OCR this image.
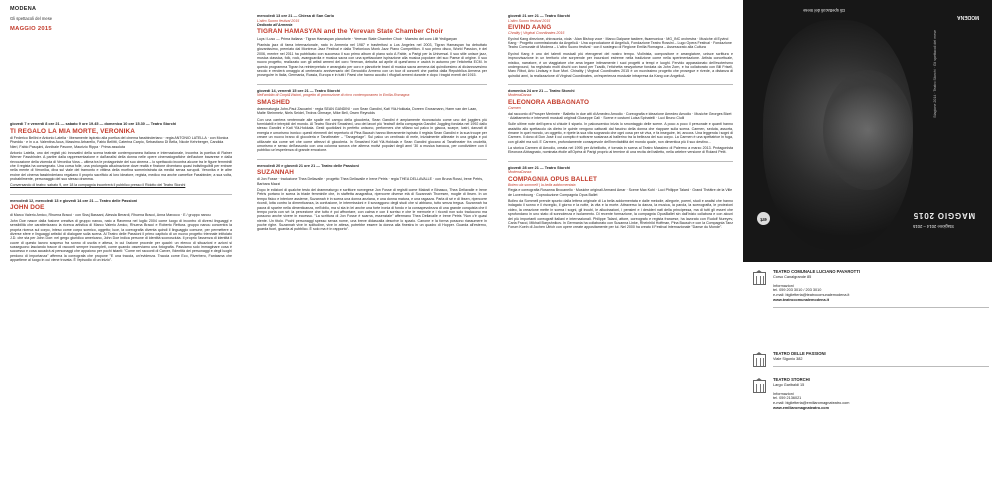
MODENA
Gli spettacoli del mese
MAGGIO 2015
giovedì 7 e venerdì 8 ore 21 — sabato 9 ore 19.45 — domenica 10 ore 15.30 — Teatro Storchi
TI REGALO LA MIA MORTE, VERONIKA
di Federico Bellini e Antonio Latella · liberamente ispirato alla poetica del cinema fassbinderiano · regia ANTONIO LATELLA · con Monica Piseddu · e in o.a. Valentina Acca, Massimo Arbarello, Fabio Bellitti, Caterina Carpio, Sebastiano Di Bella, Nicole Kehrberger, Candida Nieri, Fabio Pasquini, Annibale Pavone, Maurizio Rippa · Prima assoluta
Antonio Latella, uno dei registi più innovativi della scena teatrale contemporanea italiana e internazionale, incontra la poetica di Rainer Werner Fassbinder. A partire dalla rappresentazione e dall'analisi della donna nelle opere cinematografiche dell'autore bavarese e dalla rievocazione della vicenda di Veronika Voss – ultima tra le protagoniste del suo cinema – lo spettacolo incontra alcune tra le figure femminili che il regista ha consegnato. Una corsa folle, una prolungata allucinazione dove realtà e finzione diventano quasi indistinguibili per entrare nella mente di Veronika, diva sul viale del tramonto e vittima della morfina somministrata da medici senza scrupoli. Veronika e le altre eroine del cinema fassbinderiano regalano il proprio sacrificio al loro ideatore, regista, medico ma anche carnefice Fassbinder, a sua volta, probabilmente, personaggio del suo stesso dramma.
Conversando di teatro: sabato 9, ore 18 la compagnia incontrerà il pubblico presso il Ridotto del Teatro Storchi
mercoledì 12, mercoledì 13 e giovedì 14 ore 21 — Teatro delle Passioni
JOHN DOE
di Marco Valerio Amico, Rhuena Bracci · con Sissj Bassani, Alessia Berardi, Rhuena Bracci, Anna Marocco · E / gruppo nanou
John Doe nasce dalla fusione creativa di gruppo nanou, nato a Ravenna nel luglio 2004 come luogo di incontro di diversi linguaggi e sensibilità che caratterizzano la ricerca artistica di Marco Valerio Amico, Rhuena Bracci e Roberto Rettura. gruppo nanou concentra la propria ricerca sul corpo, inteso come corpo scenico, oggetto; luce, la coreografia diventa quindi il linguaggio comune, per permettere a diverse sfere e linguaggi artistici di dialogare sulla scena. Al Teatro delle Passioni il primo capitolo di un nuovo progetto triennale intitolato J.D. che sta per John Doe: nel gergo giuridico americano, John Doe indica persone di identità sconosciuta. Il proprio l'assenza di identità il cuore di questo lavoro sospeso fra sonno di uscita e attesa, in cui l'azione procede per quadri: un elenco di situazioni e azioni si susseguono lasciando tracce di racconti sempre incompleti, come quando osserviamo una fotografia. Passiamo solo immaginare cosa è successo e cosa accadrà ai personaggi che appaiono per pochi istanti: "Come nei racconti di Carver, l'identità dei personaggi e degli luoghi perdono di importanza" afferma la coreografa che propone "E una traccia, un'evidenza. Traccia come Eco, Riverbero, Fantasma che appartiene al luogo in cui viene trovata. È l'episodio di un inizio".
mercoledì 13 ore 21 — Chiesa di San Carlo
L'altro Suono festival 2015
Dedicato all'Armenia
TIGRAN HAMASYAN and the Yerevan State Chamber Choir
Luys i Luso — Prima italiana · Tigran Hamasyan pianoforte · Yerevan State Chamber Choir · Maestro del coro Lilit Yedigaryan
Pianista jazz di fama internazionale, nato in Armenia nel 1987 e trasferitosi a Los Angeles nel 2003, Tigran Hamasyan ha debuttato giovanissimo, premiato dal Montreux Jazz Festival e dalla Thelonious Monk Jazz Piano Competition. Il suo primo disco, World Passion, è del 2006, mentre nel 2011 ha pubblicato con successo il suo primo album di piano solo A Fable, a Parigi per la Universal. Il suo stile unisce jazz, musica classica, folk, rock, avanguardia e musica sacra con una spettacolare ispirazione alla musica popolare del suo Paese di origine. Il suo nuovo progetto, realizzato con gli artisti armeni del coro Yerevan, debutta ad aprile di quest'anno e uscirà in autunno per l'etichetta ECM. In questo programma Tigran ha reinterpretato e arrangiato per coro e pianoforte brani di musica sacra armena dal quindicesimo al diciannovesimo secolo e renderà omaggio al centenario anniversario del Genocidio Armeno con un tour di concerti che partirà dalla Repubblica Armena per proseguire in Italia, Germania, Russia, Europa e in tutti i Paesi che hanno accolto i rifugiati armeni durante e dopo i tragici eventi del 1915.
giovedì 14, venerdì 15 ore 21 — Teatro Storchi
Nell'ambito di Corpi&Visioni, progetto di promozione di circo contemporaneo in Emilia-Romagna
SMASHED
drammaturgia John-Paul Zaccarini · regia SEAN GANDINI · con Sean Gandini, Kati Ylä-Hokkala, Doreen Grossmann, Harm van der Laan, Malte Steinmetz, Niels Seidel, Tedros Girmaye, Mike Bell, Owen Reynolds
Con una carriera ventennale alle spalle nel campo della giocoleria, Sean Gandini è ampiamente riconosciuto come uno dei jugglers più formidabili e intrepidi del mondo. Al Teatro Storchi Smashed, uno dei lavori più 'teatrali' della compagnia Gandini Juggling fondata nel 1992 dallo stesso Gandini e Kati Ylä-Hokkala. Gesti quotidiani in perfetto unisono, performers che sfilano sul palco in giacca, scarpe, lustri, danzati di energia e umorismo ironico: questi elementi del repertorio di Pina Bausch hanno liberamente ispirato il regista Sean Gandini e la sua troupe per creare un nuovo brano di giocoleria e Tanztheater – "Tanzgelage". Sul palco un centinaio di mele, inizialmente allineate in una griglia e poi utilizzate sia come set che come attrezzi di giocoleria. In Smashed Kati Ylä-Hokkala e Sean Gandini giocano al Tanztheater fra crudeltà, umorismo e senso dell'assurdo con una colonna sonora che alterna motivi popolari degli anni '30 a musica barocca, per condividere con il pubblico un'esperienza di grande emozione.
mercoledì 20 e giovedì 21 ore 21 — Teatro delle Passioni
SUZANNAH
di Jon Fosse · traduzione Thea Dellavalle · progetto Thea Dellavalle e Irene Petris · regia THEA DELLAVALLE · con Bruna Rossi, Irene Petris, Barbara Mazzi
Dopo le edizioni di qualche testo del drammaturgo e scrittore norvegese Jon Fosse di regisiti come Malosti e Binasco, Thea Dellavalle e Irene Petris portano in scena la triade femminile che, in staffetta anagrafica, ripercorre diverse età di Suzannah Thoresen, moglie di Ibsen. In un tempo fisico e interiore assieme, Suzannah è in scena una donna anziana, e una donna matura, e una ragazza. Parla di sé e di Ibsen, ripercorre ricordi, lotta contro la dimenticanza, la confusione, le intermissioni e il sovraggono degli studi che si abbiano, tutto senza tregua. Suzannah ha paura di sparire nella dimenticanza, nell'oblio, ma si sta in lei anche una forte ironia di fondo e la consapevolezza di una grande conquista che il tempo porta con sé: la percezione che tutto è poi affrontare, con calma e con il sorriso e che le memorie e i ricordi non solo traducono ma possono anche vivere in eccesso. "La scrittura di Jon Fosse è scarna, essenziale" affermano Thea Dellavalle e Irene Petris "Non c'è quasi niente. Un titolo. Pochi personaggi spesso senza nome, una breve didascalia descrive lo spazio. Canone e la forma possono riassumere in poche righe. Suzannah vive in solitudine, vive in attesa, potrebbe essere la donna alla finestra in un quadro di Hopper. Guarda all'esterno, guarda fuori, guarda al pubblico. È solo ma è in rapporto".
giovedì 21 ore 21 — Teatro Storchi
L'altro Suono festival 2015
EIVIND AANG
Chrality | Virginal Coordinates 2015
Eyvind Kang direzione, chirosonia, viola · Alan Bishop voce · Marco Dalpane tastiere, fisarmonica · MG_INC orchestra · Musiche di Eyvind Kang · Progetto commissionato da AngelicA · Una coproduzione di AngelicA, Fondazione Teatro Rossini – Lugo Opera Festival · Fondazione Teatro Comunale di Modena – L'altro Suono festival · con il sostegno di Regione Emilia Romagna – Assessorato alla Cultura
Eyvind Kang è uno dei talenti musicali più eterogenei del nostro tempo. Violinista, compositore e arrangiatore, unisce scrittura e improvvisazione in un territorio che sorprende per incursioni estreme nella tradizione come nella sperimentazione. Artista concettuale, mistico, narratore, è un viaggiatore che ama legare intimamente i suoi progetti a tempi e luoghi. Fervido appassionato dell'esoterismo underground, ha registrato molti dischi con band per Tzadik, l'etichetta newyorkese fondata da John Zorn, e ha collaborato con Bill Frisell, Marc Ribot, Arto Lindsay e Ikue Mori. Chirality | Virginal Coordinates 2015 è un nuovissimo progetto che prosegue e rivede, a distanza di quindici anni, la realizzazione di Virginal Coordinates, un'esperienza musicale intrapresa da Kang con AngelicA.
domenica 24 ore 21 — Teatro Storchi
ModenaDanza
ELEONORA ABBAGNATO
Carmen
dal racconto di Prosper Merimée · Balletto in due atti di Amedeo Amodio · Coreografia e ideazione Amedeo Amodio · Musiche Georges Bizet · Adattamento e interventi musicali originali Giuseppe Calì · Scene e costumi Luisa Spinatelli · Luci Bruno Ciulli
Sulle ultime note dell'opera si chiude il sipario. In palcoscenico inizia lo smontaggio delle scene. A poco a poco il personale e quanti hanno assistito allo spettacolo da dietro le quinte vengono catturati dal fascino della donna che riappare sulla scena. Carmen, seduta, assorta, rimane in quel mondo, un oggetto, e ripete la sua vita sognando che ogni cosa per sé viva, e fa inseguire, lei, ancora. Una leggenda i sogni di Carmen. Il dono di Don José il cui compito è sottrarre sostanza al ballerino tra la bellezza del suo corpo. La Carmen è una spettatrice in fuga, con gli altri ma soli. E Carmen, profondamente consapevole dell'inevitabilità del mondo quale, non dimentica più il suo destino...
La storica Carmen di Amodio, creata nel 1995 per Arbelliotto, è tornata in scena al Teatro Massimo di Palermo a marzo 2013. Protagonista Eleonora Abbagnato, nominata étoile all'Opéra di Parigi proprio al termine di una recita del balletto, nella celebre versione di Roland Petit.
giovedì 28 ore 21 — Teatro Storchi
ModenaDanza
COMPAGNIA OPUS BALLET
Bolero da sommelf | la bella addormentata
Regia e coreografia Rosanna Brocanello · Musiche originali Armand Amar · Scene Max Kohl · Luci Philippe Talard · Grand Théâtre de la Ville de Luxembourg · Coproduzione Compagnia Opus Ballet
Bolleo da Sommell prende spunto dalla lettera originale di La bella addormentata e dalle melodie, allegorie, poemi, studi e analisi che hanno indagato il sonno e il risveglio, il giorno e la notte, la vita e la morte. Attraverso la danza, la musica, la parola, la scenografia, le proiezioni video, la creazione mette in scena i sogni, gli incubi, le allucinazioni, i pensieri e i desideri nati della principessa, ma di tutti gli esseri che sprofondano in uno stato di sonnolenza e isolamento. Di recente formazione, la compagnia OpusBallet sin dall'inizio collabora e con alcuni dei più importanti coreografi italiani e internazionali. Philippe Talard, attore, coreografo e regista francese, ha lavorato con Rudolf Nureyev, Carla Fracci, Mikhail Baryshnikov. In Germania ha collaborato con Susanna Linke, Rheinhild Hoffman, Pina Bausch e con la Compagnia Tanz Forum Koeln di Jochen Ulrich con opere create appositamente per lui. Nel 2000 ha creato il Festival Internazionale "Danse du Monde".
Gli spettacoli del mese
MODENA
Stagione 2014 · Teatro Storchi · Gli spettacoli del mese
ert	MAGGIO 2015
Stagione 2014 – 2015
TEATRO COMUNALE LUCIANO PAVAROTTI
Corso Canalgrande 85
Informazioni
tel. 059 203 3010 / 203 3010
e-mail: biglietteria@teatrocomunalemodena.it
www.teatrocomunalemodena.it
TEATRO DELLE PASSIONI
Viale Sigonio 382
TEATRO STORCHI
Largo Garibaldi 15
Informazioni
tel. 059 2136021
e-mail: biglietteria@emiliaromagnateatro.com
www.emiliaromagnateatro.com
